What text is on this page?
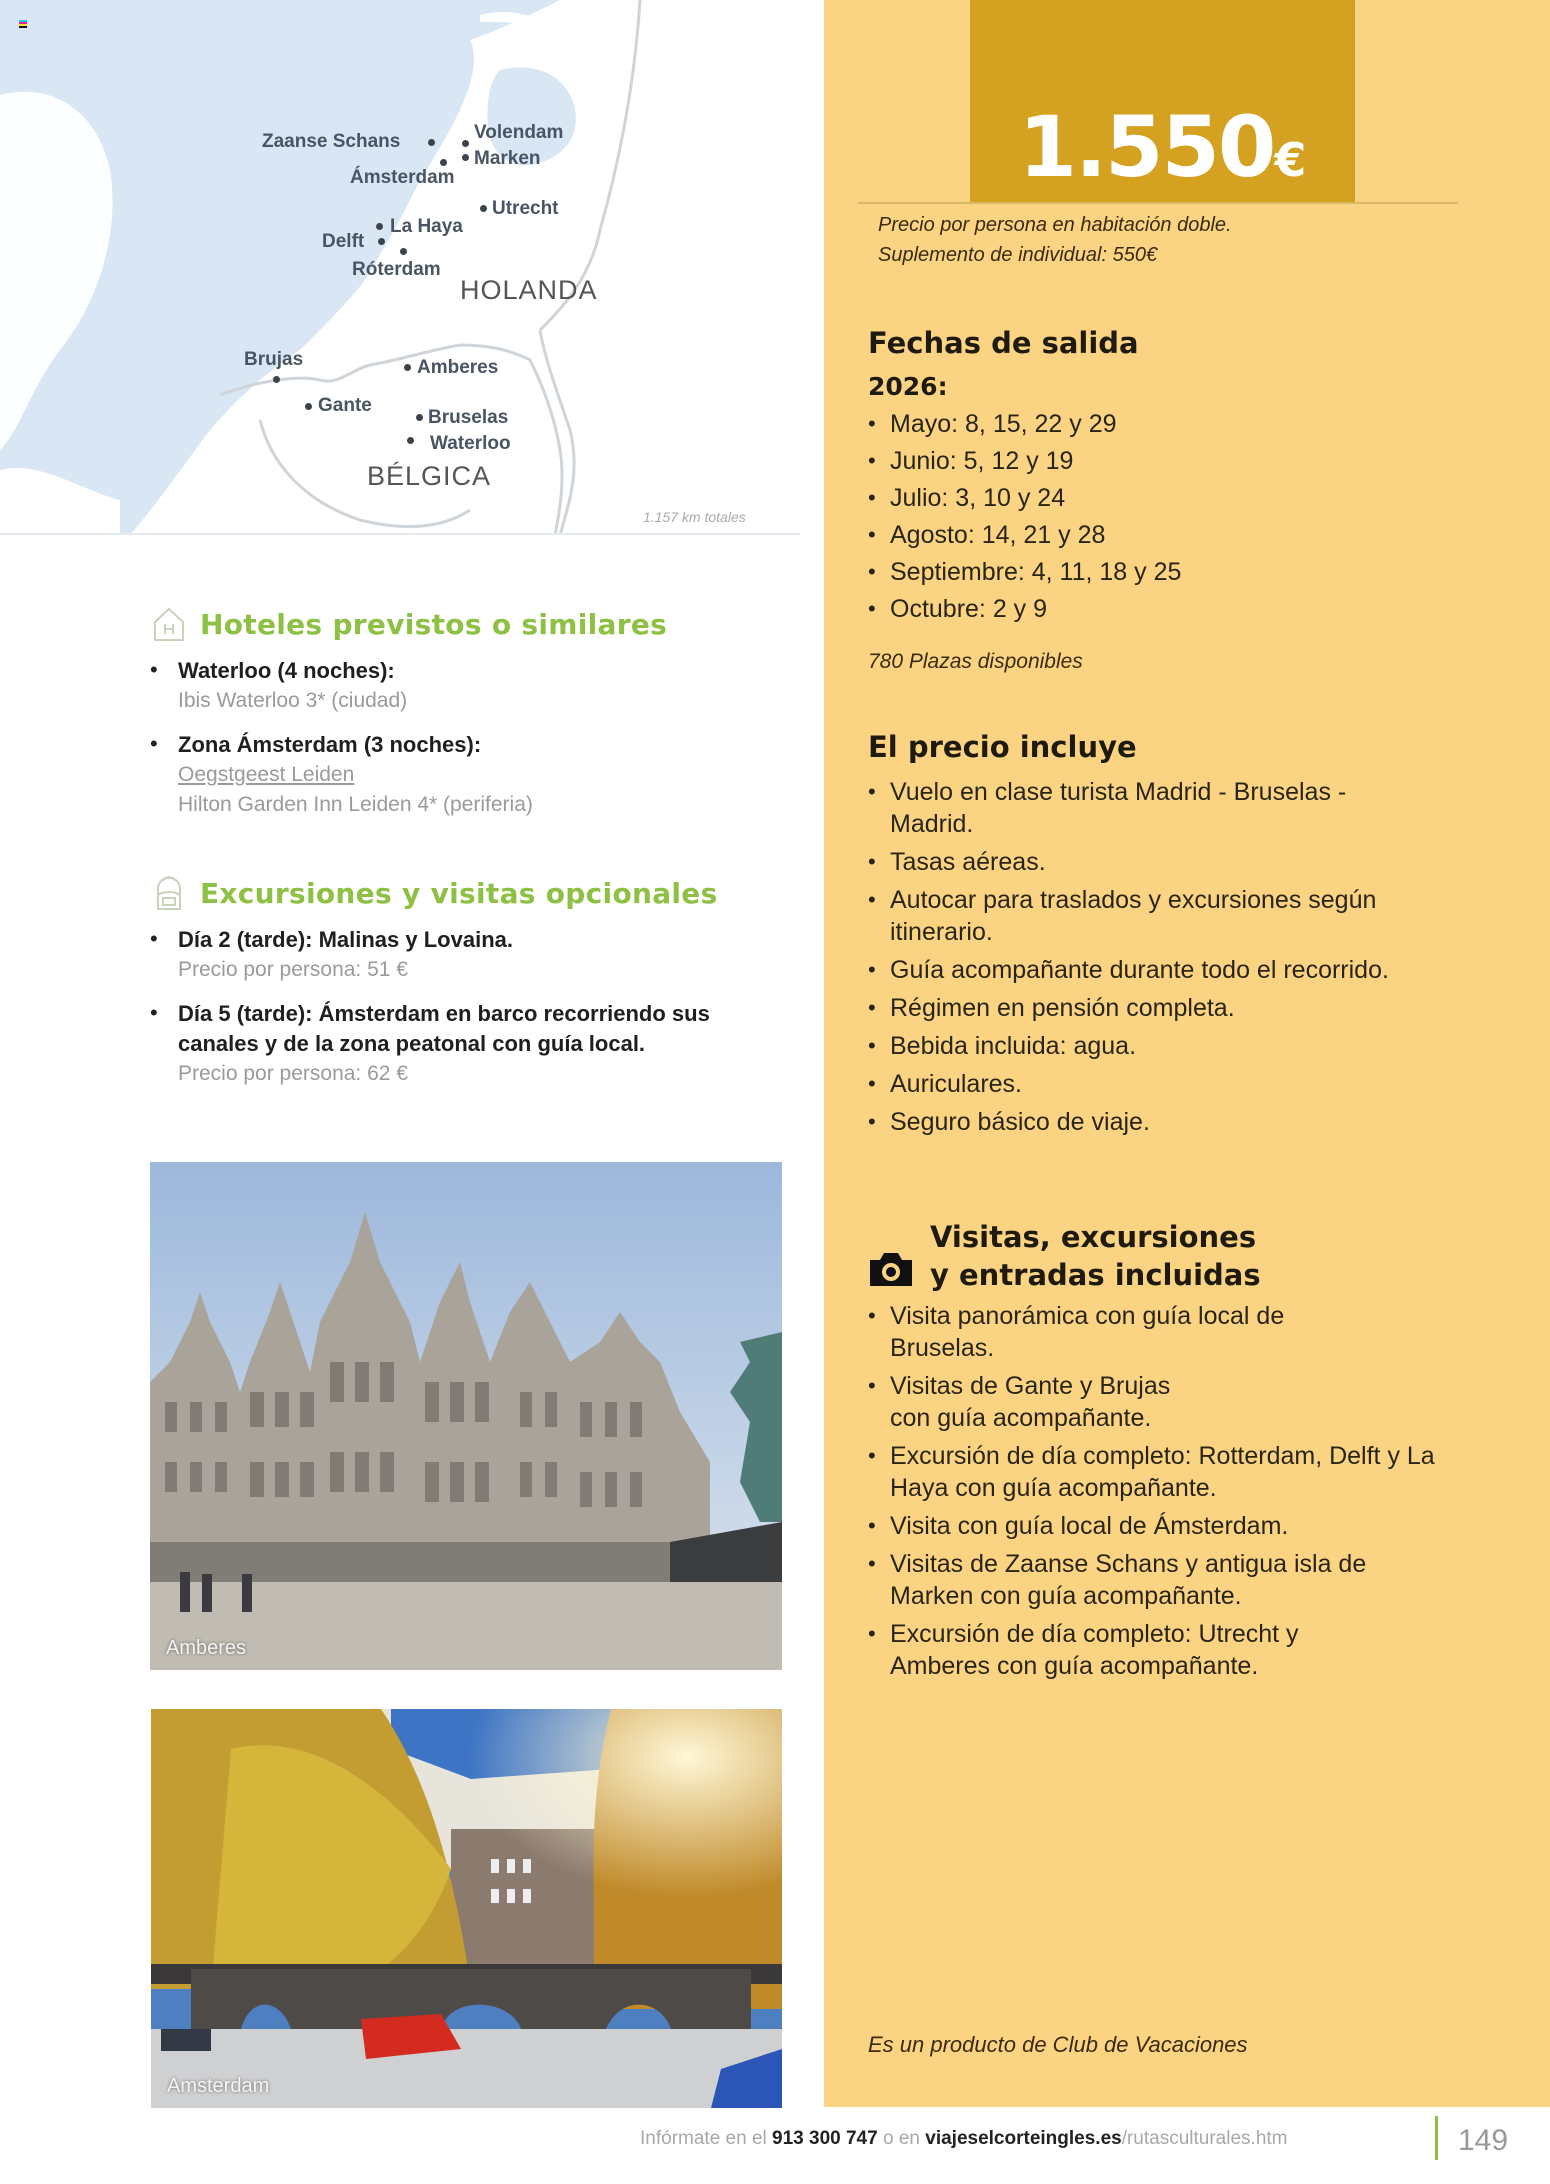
Zaanse Schans	Volendam
Marken
Ámsterdam
Utrecht
La Haya
Delft
Róterdam
HOLANDA
Brujas	Amberes
Gante
Bruselas
Waterloo
BÉLGICA
1.157 km totales
Hoteles previstos o similares
• Waterloo (4 noches):
Ibis Waterloo 3* (ciudad)
• Zona Ámsterdam (3 noches):
Oegstgeest Leiden
Hilton Garden Inn Leiden 4* (periferia)
Excursiones y visitas opcionales
• Día 2 (tarde): Malinas y Lovaina.
Precio por persona: 51 €
• Día 5 (tarde): Ámsterdam en barco recorriendo sus canales y de la zona peatonal con guía local.
Precio por persona: 62 €
Amberes
Amsterdam
1.550€
Precio por persona en habitación doble.
Suplemento de individual: 550€
Fechas de salida
2026:
• Mayo: 8, 15, 22 y 29
• Junio: 5, 12 y 19
• Julio: 3, 10 y 24
• Agosto: 14, 21 y 28
• Septiembre: 4, 11, 18 y 25
• Octubre: 2 y 9
780 Plazas disponibles
El precio incluye
• Vuelo en clase turista Madrid - Bruselas - Madrid.
• Tasas aéreas.
• Autocar para traslados y excursiones según itinerario.
• Guía acompañante durante todo el recorrido.
• Régimen en pensión completa.
• Bebida incluida: agua.
• Auriculares.
• Seguro básico de viaje.
Visitas, excursiones
y entradas incluidas
• Visita panorámica con guía local de Bruselas.
• Visitas de Gante y Brujas con guía acompañante.
• Excursión de día completo: Rotterdam, Delft y La Haya con guía acompañante.
• Visita con guía local de Ámsterdam.
• Visitas de Zaanse Schans y antigua isla de Marken con guía acompañante.
• Excursión de día completo: Utrecht y Amberes con guía acompañante.
Es un producto de Club de Vacaciones
Infórmate en el 913 300 747 o en viajeselcorteingles.es/rutasculturales.htm	149
